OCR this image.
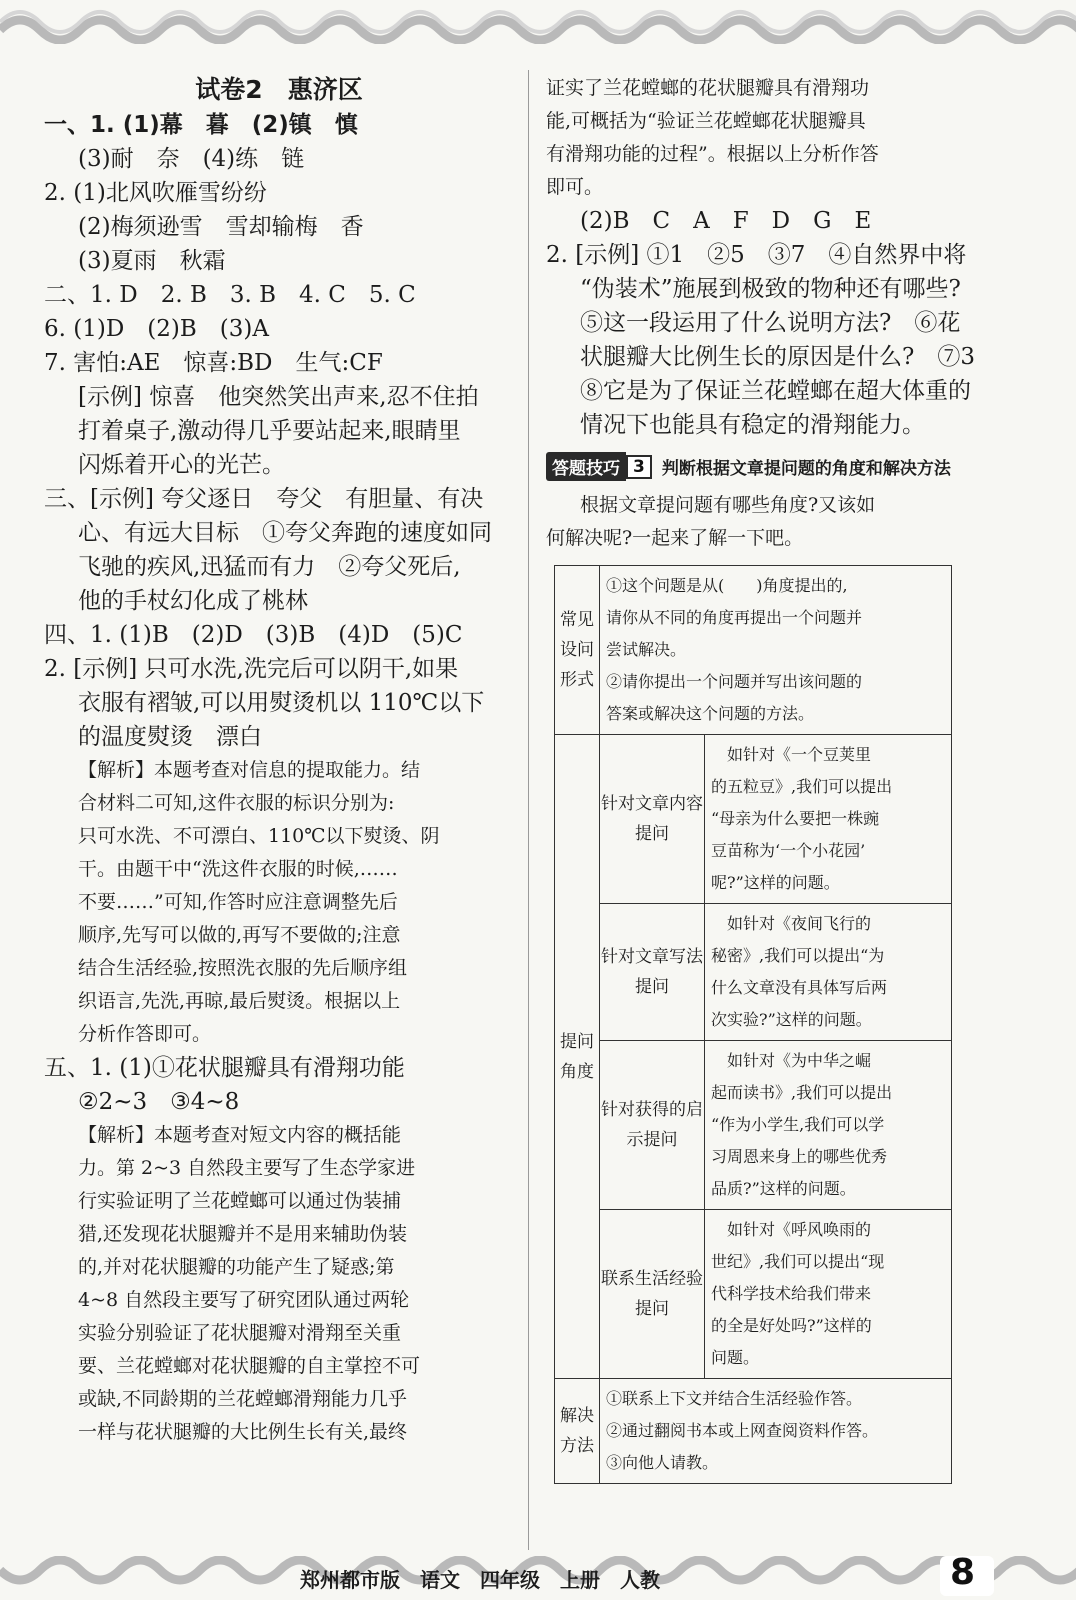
试卷2　惠济区
一、1. (1)幕　暮　(2)镇　慎
(3)耐　奈　(4)练　链
2. (1)北风吹雁雪纷纷
(2)梅须逊雪　雪却输梅　香
(3)夏雨　秋霜
二、1. D　2. B　3. B　4. C　5. C
6. (1)D　(2)B　(3)A
7. 害怕:AE　惊喜:BD　生气:CF
[示例] 惊喜　他突然笑出声来,忍不住拍
打着桌子,激动得几乎要站起来,眼睛里
闪烁着开心的光芒。
三、[示例] 夸父逐日　夸父　有胆量、有决
心、有远大目标　①夸父奔跑的速度如同
飞驰的疾风,迅猛而有力　②夸父死后,
他的手杖幻化成了桃林
四、1. (1)B　(2)D　(3)B　(4)D　(5)C
2. [示例] 只可水洗,洗完后可以阴干,如果
衣服有褶皱,可以用熨烫机以 110℃以下
的温度熨烫　漂白
【解析】本题考查对信息的提取能力。结
合材料二可知,这件衣服的标识分别为:
只可水洗、不可漂白、110℃以下熨烫、阴
干。由题干中“洗这件衣服的时候,……
不要……”可知,作答时应注意调整先后
顺序,先写可以做的,再写不要做的;注意
结合生活经验,按照洗衣服的先后顺序组
织语言,先洗,再晾,最后熨烫。根据以上
分析作答即可。
五、1. (1)①花状腿瓣具有滑翔功能
②2~3　③4~8
【解析】本题考查对短文内容的概括能
力。第 2~3 自然段主要写了生态学家进
行实验证明了兰花螳螂可以通过伪装捕
猎,还发现花状腿瓣并不是用来辅助伪装
的,并对花状腿瓣的功能产生了疑惑;第
4~8 自然段主要写了研究团队通过两轮
实验分别验证了花状腿瓣对滑翔至关重
要、兰花螳螂对花状腿瓣的自主掌控不可
或缺,不同龄期的兰花螳螂滑翔能力几乎
一样与花状腿瓣的大比例生长有关,最终
证实了兰花螳螂的花状腿瓣具有滑翔功
能,可概括为“验证兰花螳螂花状腿瓣具
有滑翔功能的过程”。根据以上分析作答
即可。
(2)B　C　A　F　D　G　E
2. [示例] ①1　②5　③7　④自然界中将
“伪装术”施展到极致的物种还有哪些?
⑤这一段运用了什么说明方法?　⑥花
状腿瓣大比例生长的原因是什么?　⑦3
⑧它是为了保证兰花螳螂在超大体重的
情况下也能具有稳定的滑翔能力。
答题技巧 3	判断根据文章提问题的角度和解决方法
根据文章提问题有哪些角度?又该如
何解决呢?一起来了解一下吧。
常见设问形式	①这个问题是从(　　)角度提出的,
请你从不同的角度再提出一个问题并
尝试解决。
②请你提出一个问题并写出该问题的
答案或解决这个问题的方法。	

提问角度	针对文章内容提问	　如针对《一个豆荚里
的五粒豆》,我们可以提出
“母亲为什么要把一株豌
豆苗称为‘一个小花园’
呢?”这样的问题。

	针对文章写法提问	　如针对《夜间飞行的
秘密》,我们可以提出“为
什么文章没有具体写后两
次实验?”这样的问题。

	针对获得的启示提问	　如针对《为中华之崛
起而读书》,我们可以提出
“作为小学生,我们可以学
习周恩来身上的哪些优秀
品质?”这样的问题。

	联系生活经验提问	　如针对《呼风唤雨的
世纪》,我们可以提出“现
代科学技术给我们带来
的全是好处吗?”这样的
问题。

解决方法	①联系上下文并结合生活经验作答。
②通过翻阅书本或上网查阅资料作答。
③向他人请教。	
郑州都市版　语文　四年级　上册　人教	8
